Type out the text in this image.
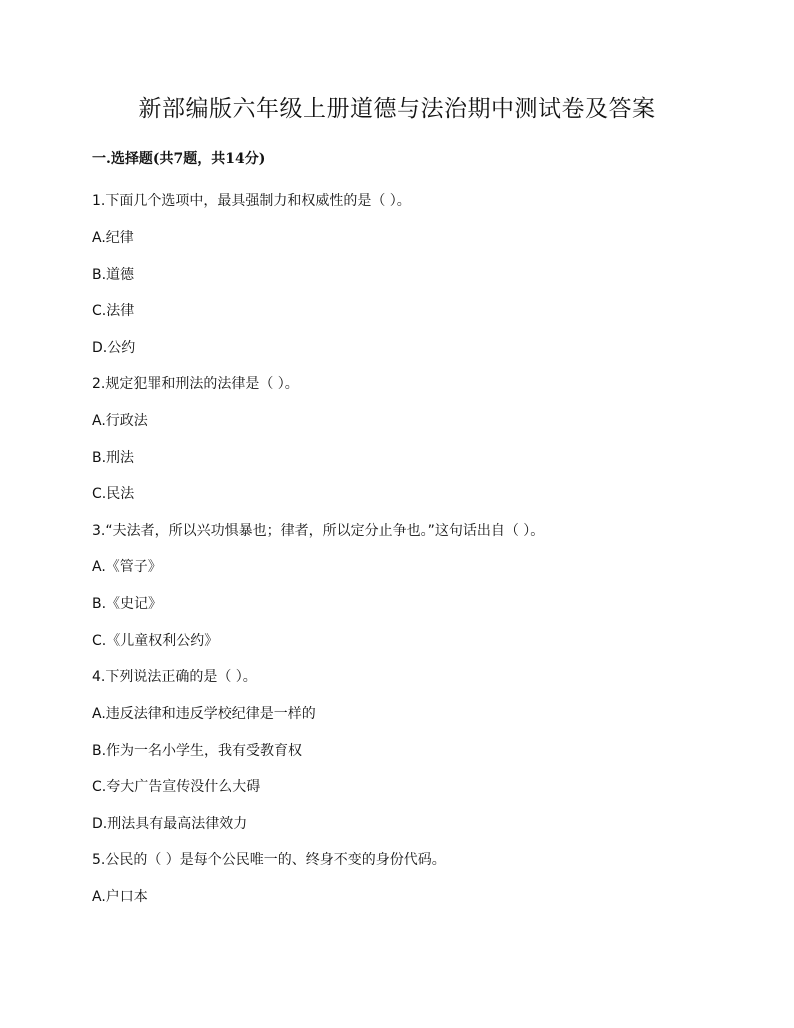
新部编版六年级上册道德与法治期中测试卷及答案
一.选择题(共7题，共14分)
1.下面几个选项中，最具强制力和权威性的是（ ）。
A.纪律
B.道德
C.法律
D.公约
2.规定犯罪和刑法的法律是（ ）。
A.行政法
B.刑法
C.民法
3.“夫法者，所以兴功惧暴也；律者，所以定分止争也。”这句话出自（ ）。
A.《管子》
B.《史记》
C.《儿童权利公约》
4.下列说法正确的是（ ）。
A.违反法律和违反学校纪律是一样的
B.作为一名小学生，我有受教育权
C.夸大广告宣传没什么大碍
D.刑法具有最高法律效力
5.公民的（ ）是每个公民唯一的、终身不变的身份代码。
A.户口本
